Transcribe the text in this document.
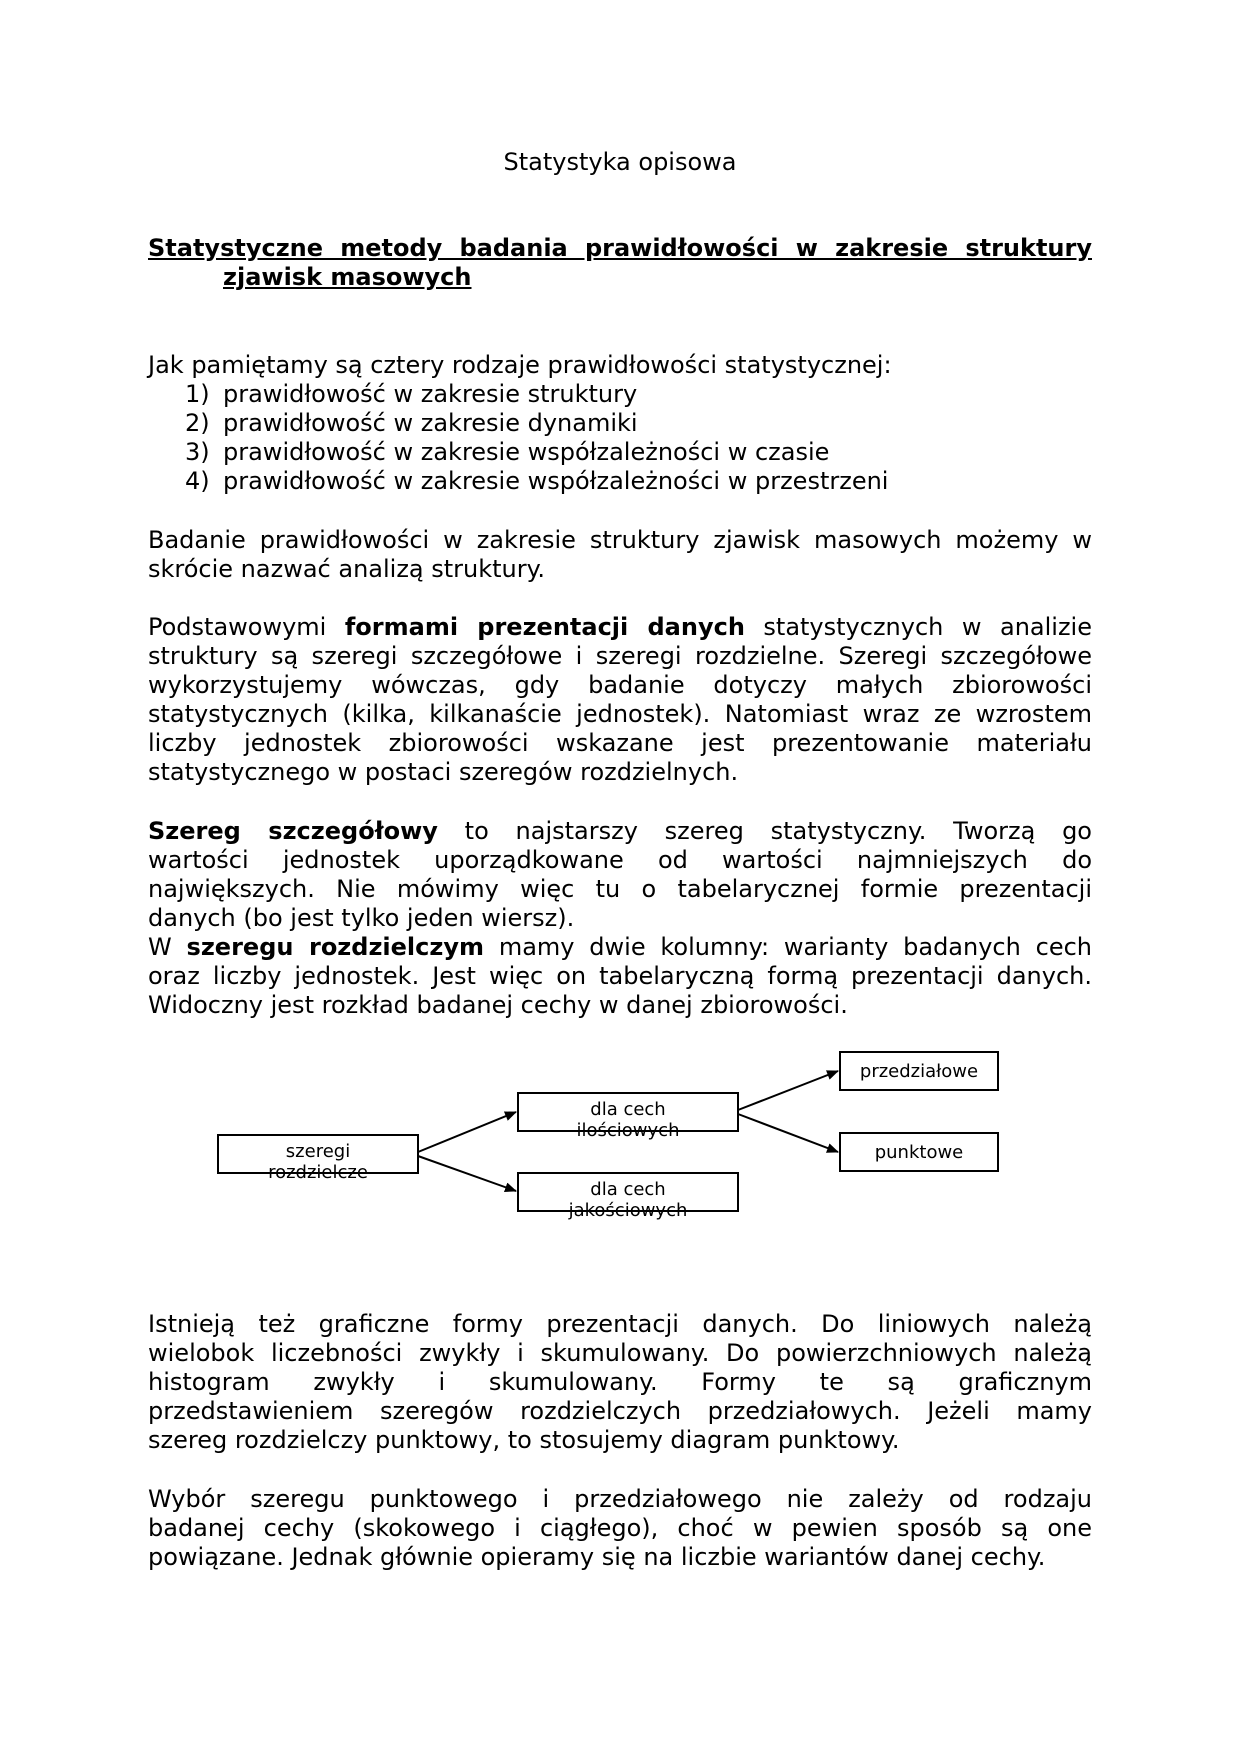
Statystyka opisowa
Statystyczne metody badania prawidłowości w zakresie struktury
zjawisk masowych
Jak pamiętamy są cztery rodzaje prawidłowości statystycznej:
1) prawidłowość w zakresie struktury
2) prawidłowość w zakresie dynamiki
3) prawidłowość w zakresie współzależności w czasie
4) prawidłowość w zakresie współzależności w przestrzeni
Badanie prawidłowości w zakresie struktury zjawisk masowych możemy w
skrócie nazwać analizą struktury.
Podstawowymi formami prezentacji danych statystycznych w analizie
struktury są szeregi szczegółowe i szeregi rozdzielne. Szeregi szczegółowe
wykorzystujemy wówczas, gdy badanie dotyczy małych zbiorowości
statystycznych (kilka, kilkanaście jednostek). Natomiast wraz ze wzrostem
liczby jednostek zbiorowości wskazane jest prezentowanie materiału
statystycznego w postaci szeregów rozdzielnych.
Szereg szczegółowy to najstarszy szereg statystyczny. Tworzą go
wartości jednostek uporządkowane od wartości najmniejszych do
największych. Nie mówimy więc tu o tabelarycznej formie prezentacji
danych (bo jest tylko jeden wiersz).
W szeregu rozdzielczym mamy dwie kolumny: warianty badanych cech
oraz liczby jednostek. Jest więc on tabelaryczną formą prezentacji danych.
Widoczny jest rozkład badanej cechy w danej zbiorowości.
szeregi
rozdzielcze
dla cech
ilościowych
dla cech
jakościowych
przedziałowe
punktowe
Istnieją też graficzne formy prezentacji danych. Do liniowych należą
wielobok liczebności zwykły i skumulowany. Do powierzchniowych należą
histogram zwykły i skumulowany. Formy te są graficznym
przedstawieniem szeregów rozdzielczych przedziałowych. Jeżeli mamy
szereg rozdzielczy punktowy, to stosujemy diagram punktowy.
Wybór szeregu punktowego i przedziałowego nie zależy od rodzaju
badanej cechy (skokowego i ciągłego), choć w pewien sposób są one
powiązane. Jednak głównie opieramy się na liczbie wariantów danej cechy.
